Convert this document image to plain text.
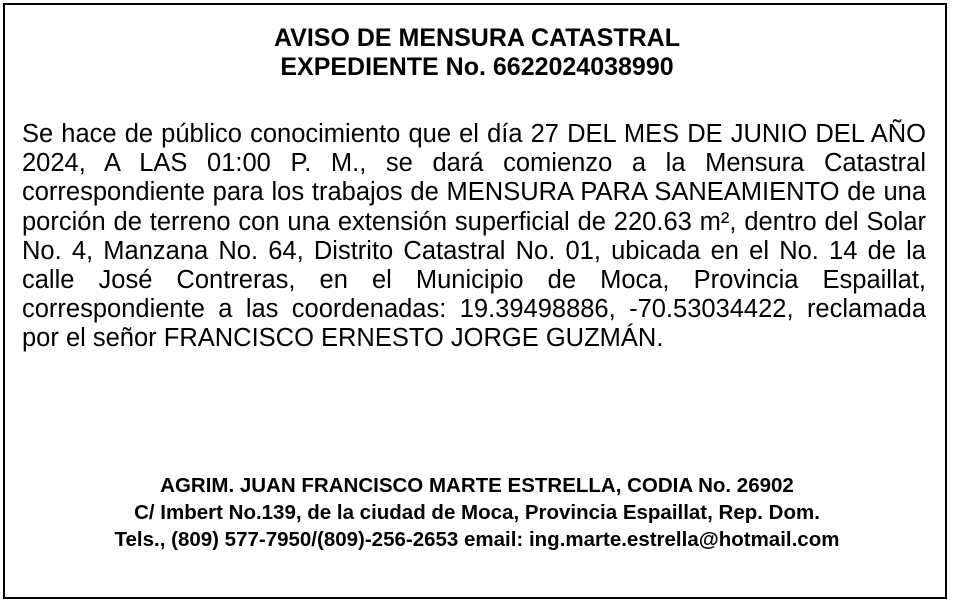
AVISO DE MENSURA CATASTRAL
EXPEDIENTE No. 6622024038990

Se hace de público conocimiento que el día 27 DEL MES DE JUNIO DEL AÑO 2024, A LAS 01:00 P. M., se dará comienzo a la Mensura Catastral correspondiente para los trabajos de MENSURA PARA SANEAMIENTO de una porción de terreno con una extensión superficial de 220.63 m², dentro del Solar No. 4, Manzana No. 64, Distrito Catastral No. 01, ubicada en el No. 14 de la calle José Contreras, en el Municipio de Moca, Provincia Espaillat, correspondiente a las coordenadas: 19.39498886, -70.53034422, reclamada por el señor FRANCISCO ERNESTO JORGE GUZMÁN.

AGRIM. JUAN FRANCISCO MARTE ESTRELLA, CODIA No. 26902
C/ Imbert No.139, de la ciudad de Moca, Provincia Espaillat, Rep. Dom.
Tels., (809) 577-7950/(809)-256-2653 email: ing.marte.estrella@hotmail.com
